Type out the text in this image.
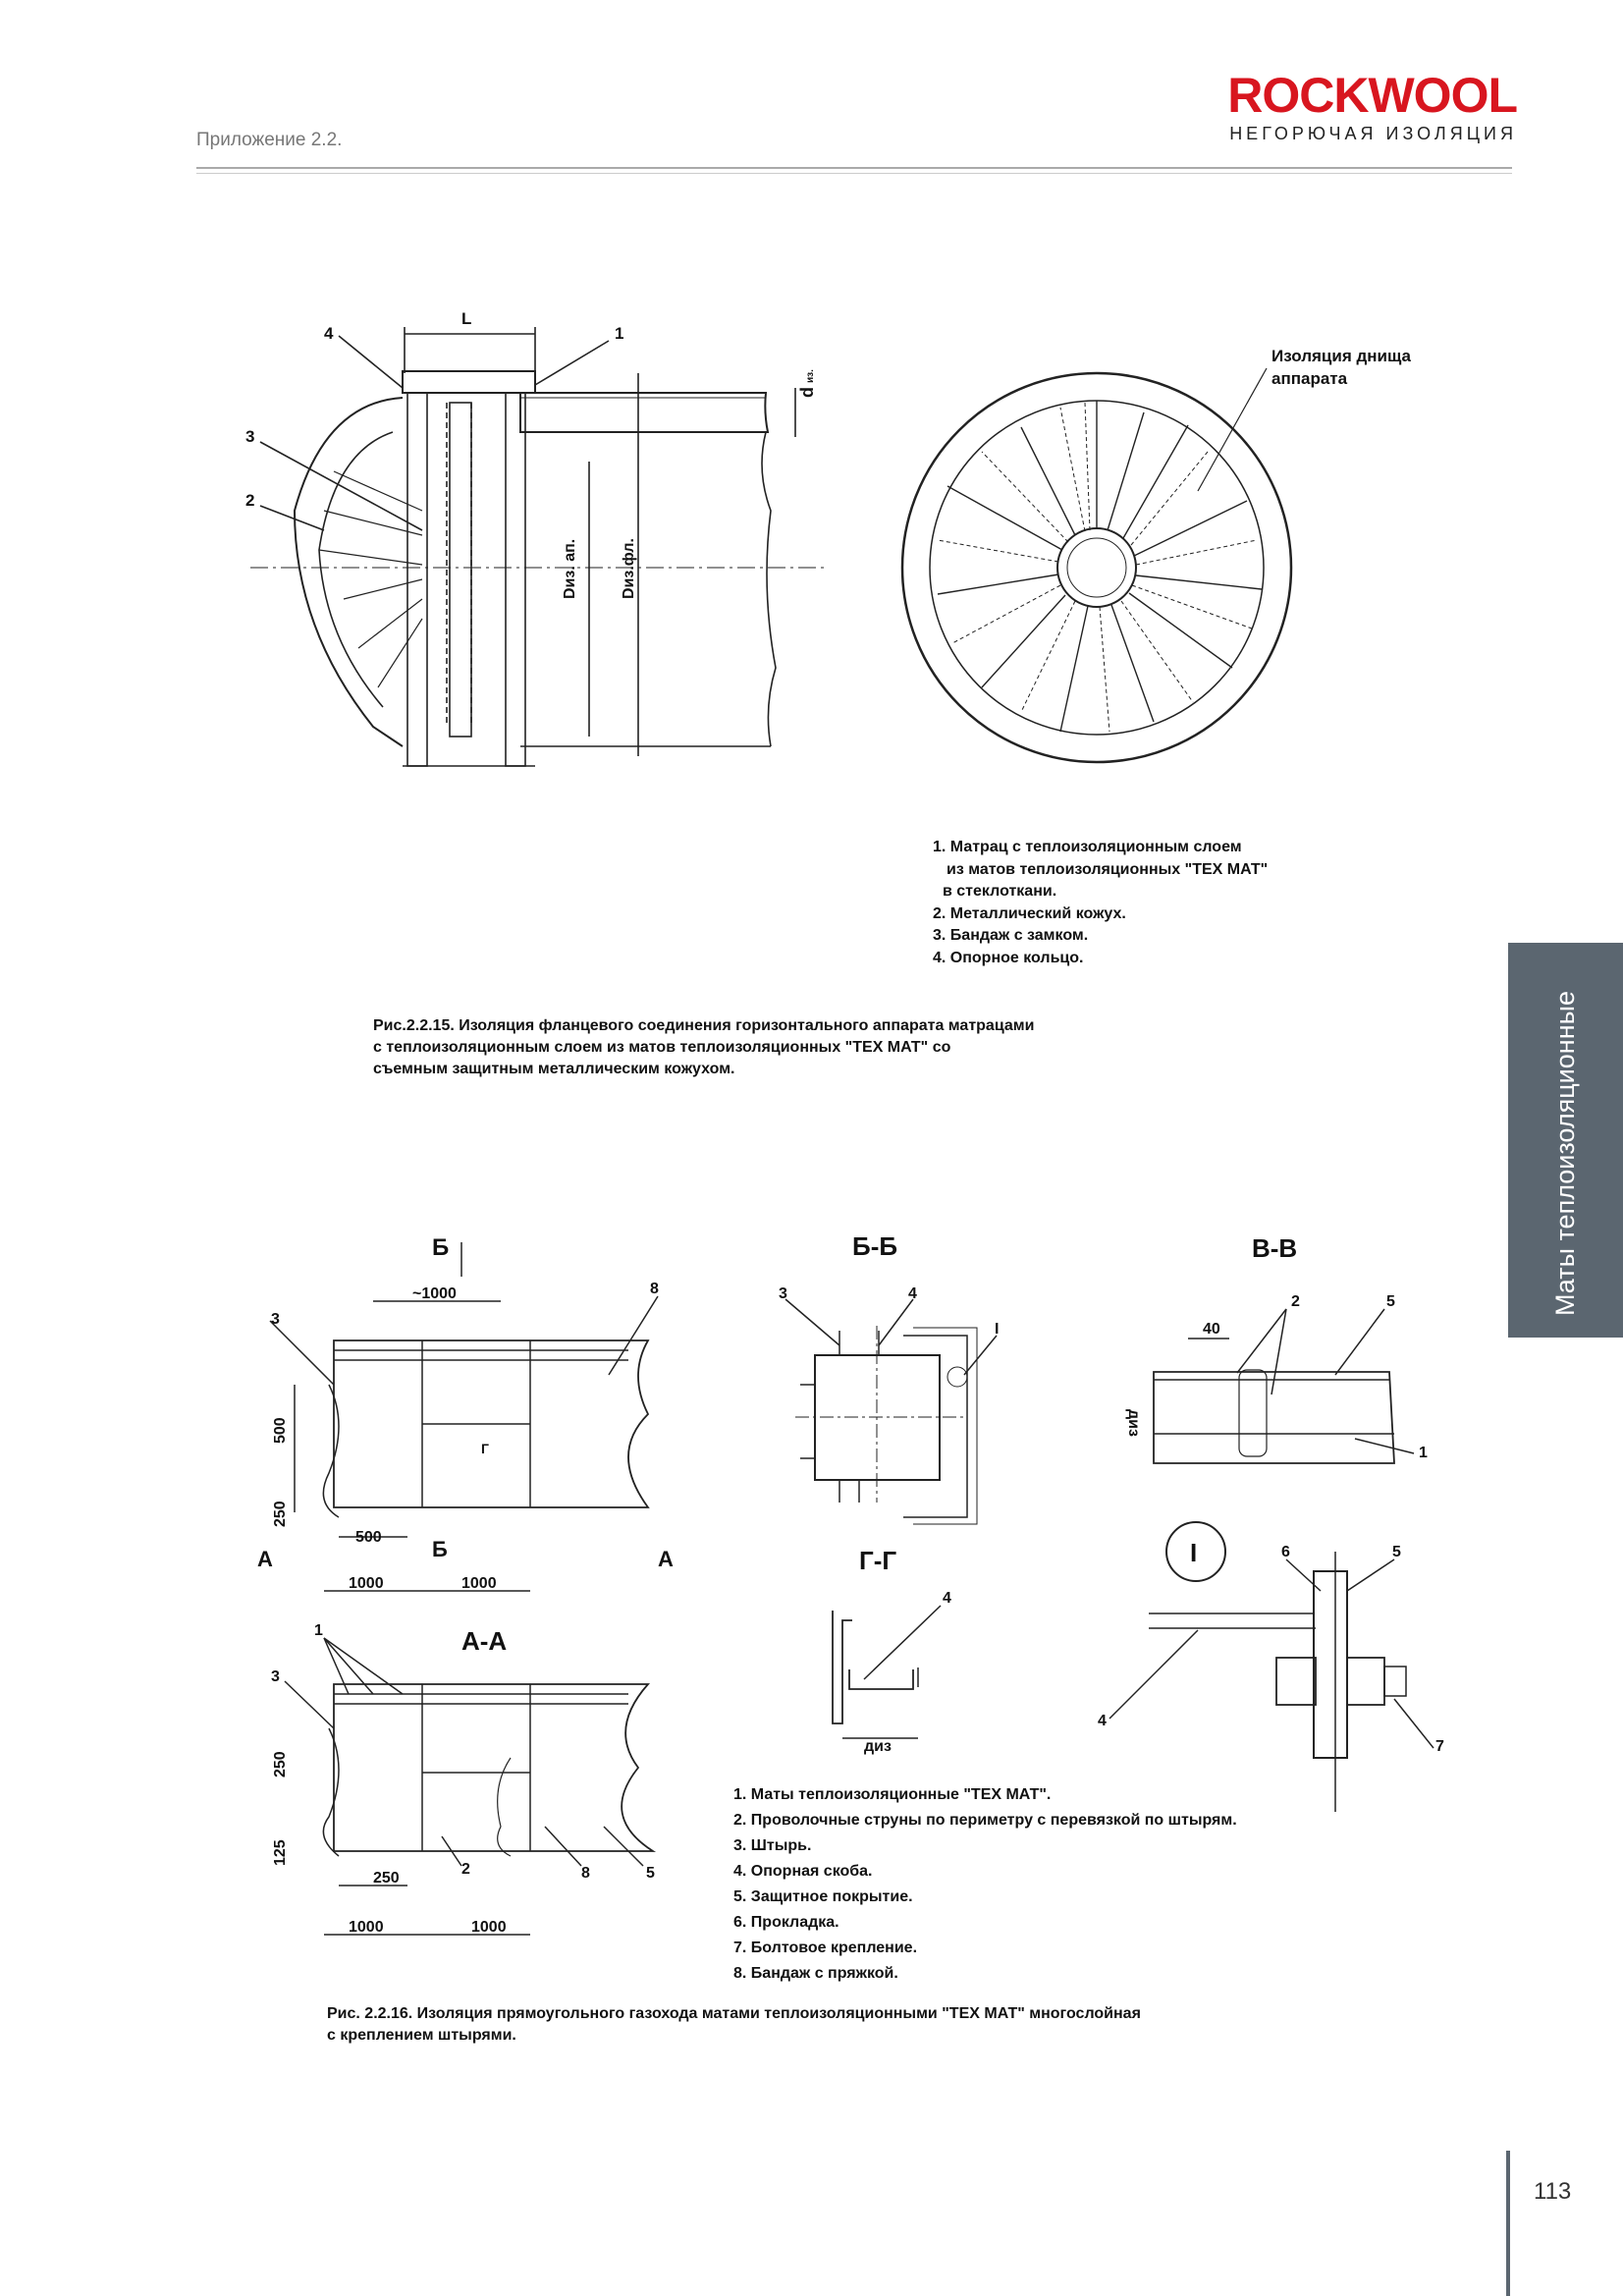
Приложение 2.2.
ROCKWOOL
НЕГОРЮЧАЯ ИЗОЛЯЦИЯ
Маты теплоизоляционные
L
Dиз. ап.	Dиз.фл.
d
из.
4	1
3
2
Изоляция днища
аппарата
1. Матрац с теплоизоляционным слоем
из матов теплоизоляционных "ТЕХ МАТ"
в стеклоткани.
2. Металлический кожух.
3. Бандаж с замком.
4. Опорное кольцо.
Рис.2.2.15. Изоляция фланцевого соединения горизонтального аппарата матрацами
с теплоизоляционным слоем из матов теплоизоляционных "ТЕХ МАТ" со
съемным защитным металлическим кожухом.
Б
~1000
500
250
500
А	А
Б
1000	1000
Г
3
8
Б-Б
3	4
I
В-В
40
диз
2	5
1
Г-Г
диз
4
I	6	5
4
7
А-А
250
125
250
1000	1000
1
3
2	8	5
1. Маты теплоизоляционные "ТЕХ МАТ".
2. Проволочные струны по периметру с перевязкой по штырям.
3. Штырь.
4. Опорная скоба.
5. Защитное покрытие.
6. Прокладка.
7. Болтовое крепление.
8. Бандаж с пряжкой.
Рис. 2.2.16. Изоляция прямоугольного газохода матами теплоизоляционными "ТЕХ МАТ" многослойная
с креплением штырями.
113
